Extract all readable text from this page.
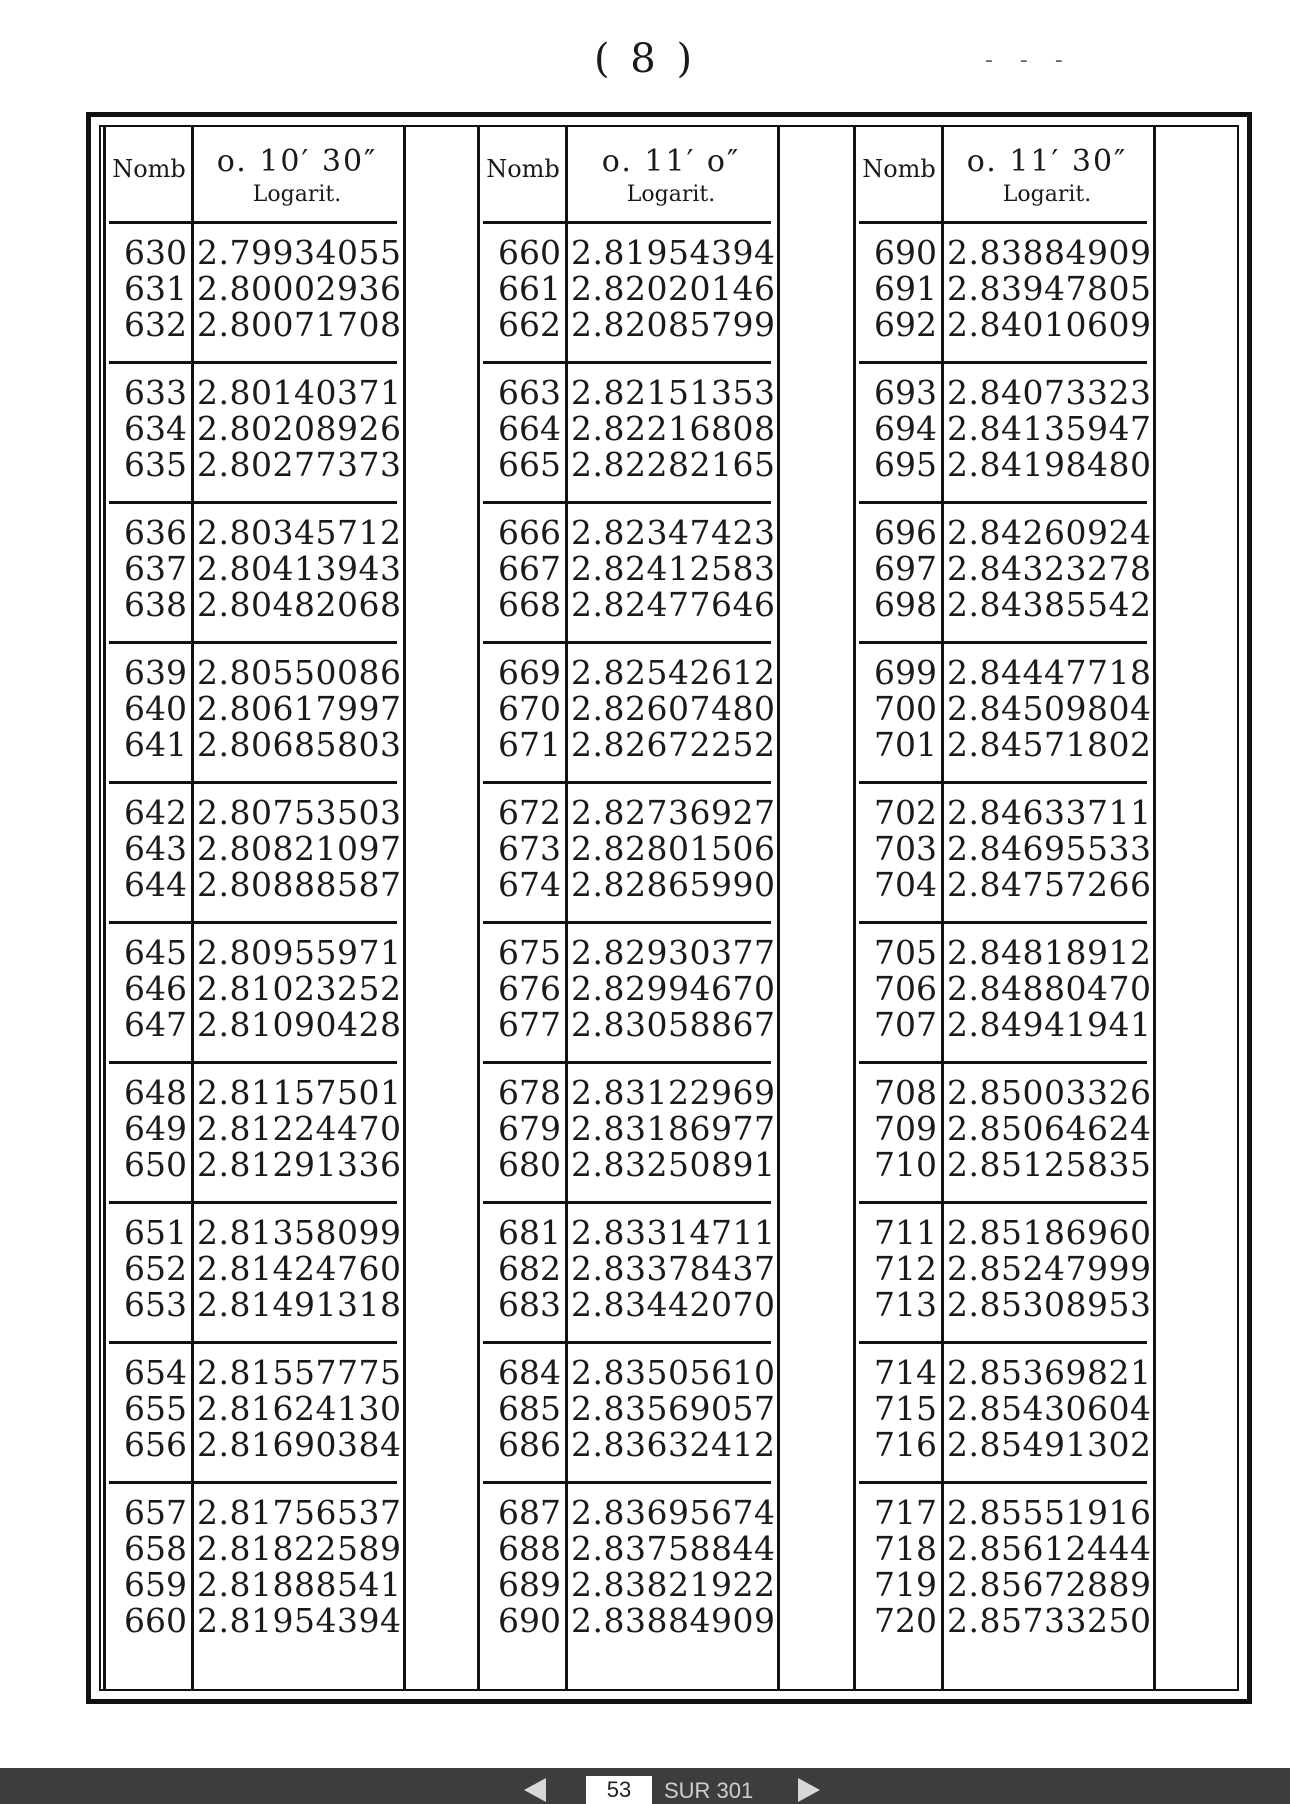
( 8 )	- - -
Nomb	o. 10′ 30″
Logarit.
630 2.79934055
631 2.80002936
632 2.80071708
633 2.80140371
634 2.80208926
635 2.80277373
636 2.80345712
637 2.80413943
638 2.80482068
639 2.80550086
640 2.80617997
641 2.80685803
642 2.80753503
643 2.80821097
644 2.80888587
645 2.80955971
646 2.81023252
647 2.81090428
648 2.81157501
649 2.81224470
650 2.81291336
651 2.81358099
652 2.81424760
653 2.81491318
654 2.81557775
655 2.81624130
656 2.81690384
657 2.81756537
658 2.81822589
659 2.81888541
660 2.81954394
Nomb	o. 11′ o″
Logarit.
660 2.81954394
661 2.82020146
662 2.82085799
663 2.82151353
664 2.82216808
665 2.82282165
666 2.82347423
667 2.82412583
668 2.82477646
669 2.82542612
670 2.82607480
671 2.82672252
672 2.82736927
673 2.82801506
674 2.82865990
675 2.82930377
676 2.82994670
677 2.83058867
678 2.83122969
679 2.83186977
680 2.83250891
681 2.83314711
682 2.83378437
683 2.83442070
684 2.83505610
685 2.83569057
686 2.83632412
687 2.83695674
688 2.83758844
689 2.83821922
690 2.83884909
Nomb	o. 11′ 30″
Logarit.
690 2.83884909
691 2.83947805
692 2.84010609
693 2.84073323
694 2.84135947
695 2.84198480
696 2.84260924
697 2.84323278
698 2.84385542
699 2.84447718
700 2.84509804
701 2.84571802
702 2.84633711
703 2.84695533
704 2.84757266
705 2.84818912
706 2.84880470
707 2.84941941
708 2.85003326
709 2.85064624
710 2.85125835
711 2.85186960
712 2.85247999
713 2.85308953
714 2.85369821
715 2.85430604
716 2.85491302
717 2.85551916
718 2.85612444
719 2.85672889
720 2.85733250
53
SUR 301
